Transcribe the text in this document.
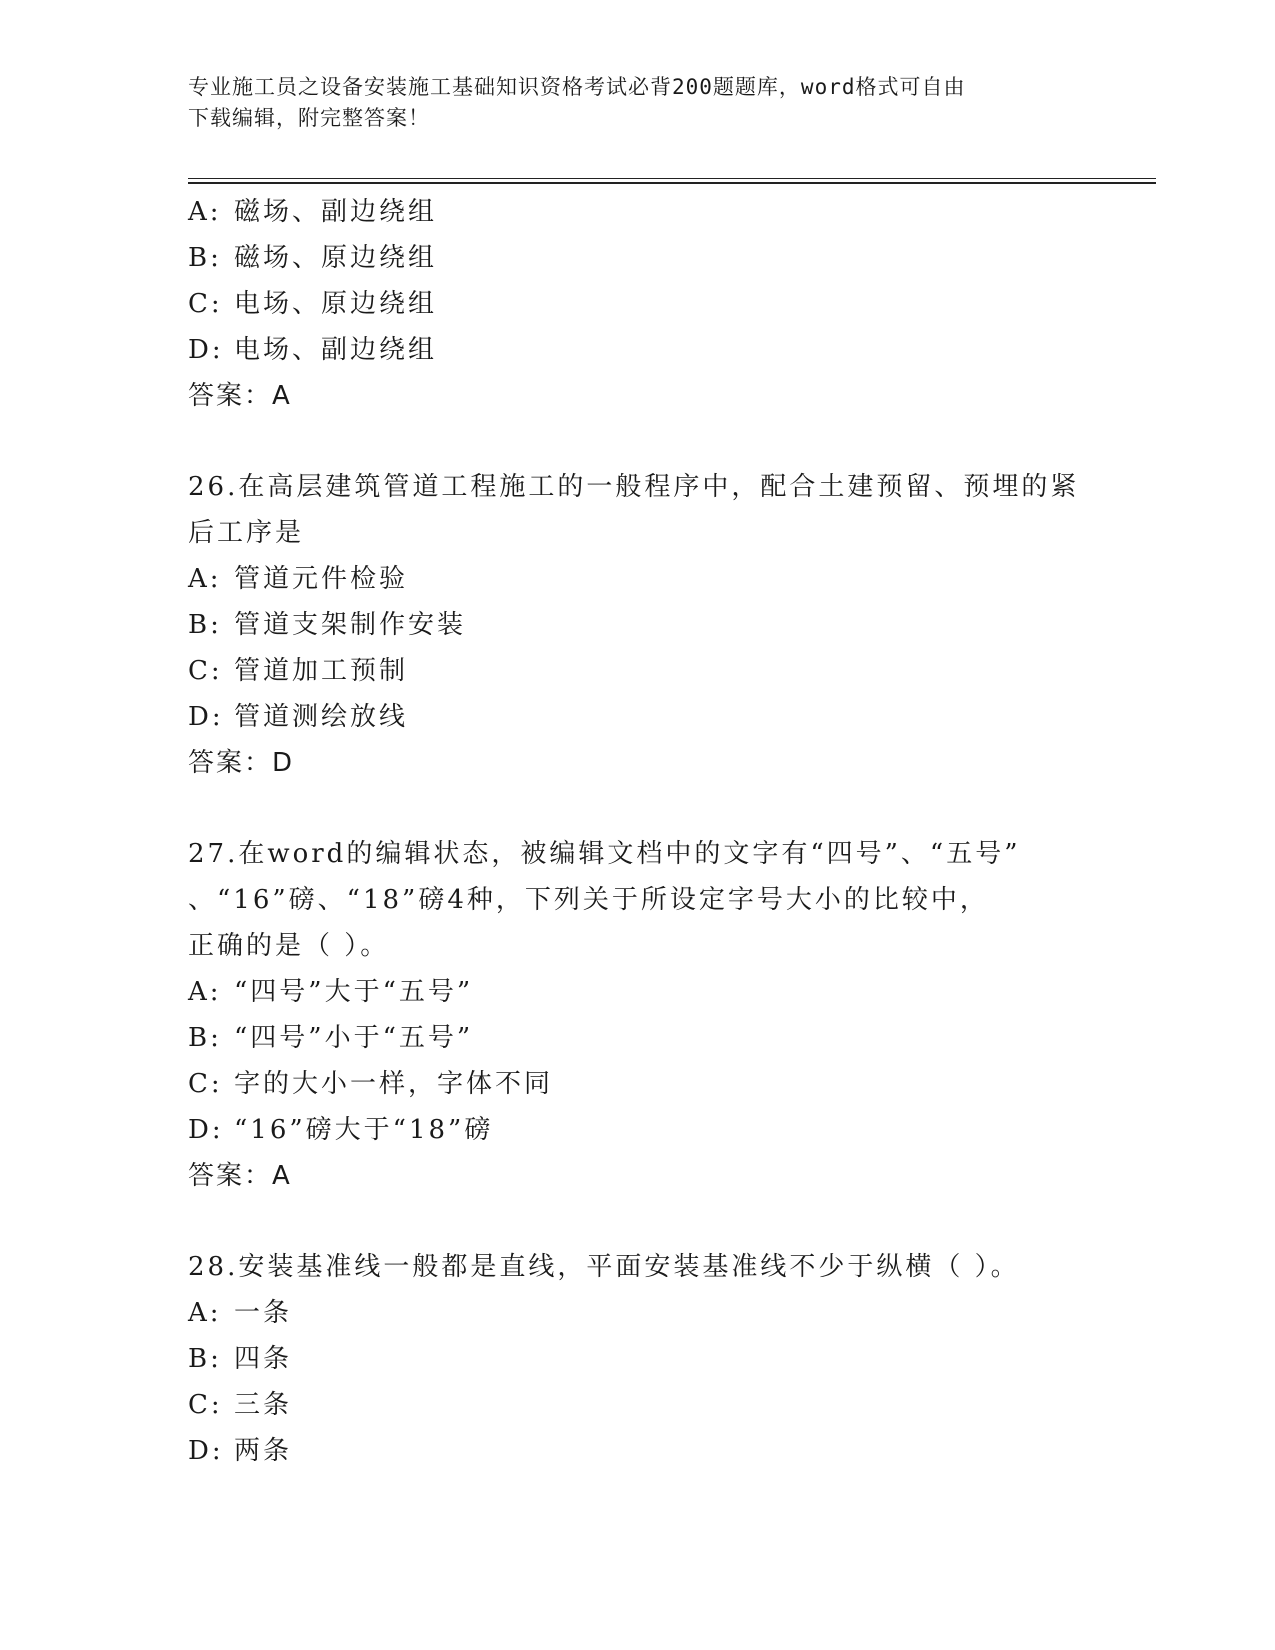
专业施工员之设备安装施工基础知识资格考试必背200题题库，word格式可自由
下载编辑，附完整答案！
A: 磁场、副边绕组
B: 磁场、原边绕组
C: 电场、原边绕组
D: 电场、副边绕组
答案：A
26.在高层建筑管道工程施工的一般程序中，配合土建预留、预埋的紧
后工序是
A: 管道元件检验
B: 管道支架制作安装
C: 管道加工预制
D: 管道测绘放线
答案：D
27.在word的编辑状态，被编辑文档中的文字有“四号”、“五号”
、“16”磅、“18”磅4种，下列关于所设定字号大小的比较中，
正确的是（ ）。
A: “四号”大于“五号”
B: “四号”小于“五号”
C: 字的大小一样，字体不同
D: “16”磅大于“18”磅
答案：A
28.安装基准线一般都是直线，平面安装基准线不少于纵横（ ）。
A: 一条
B: 四条
C: 三条
D: 两条
